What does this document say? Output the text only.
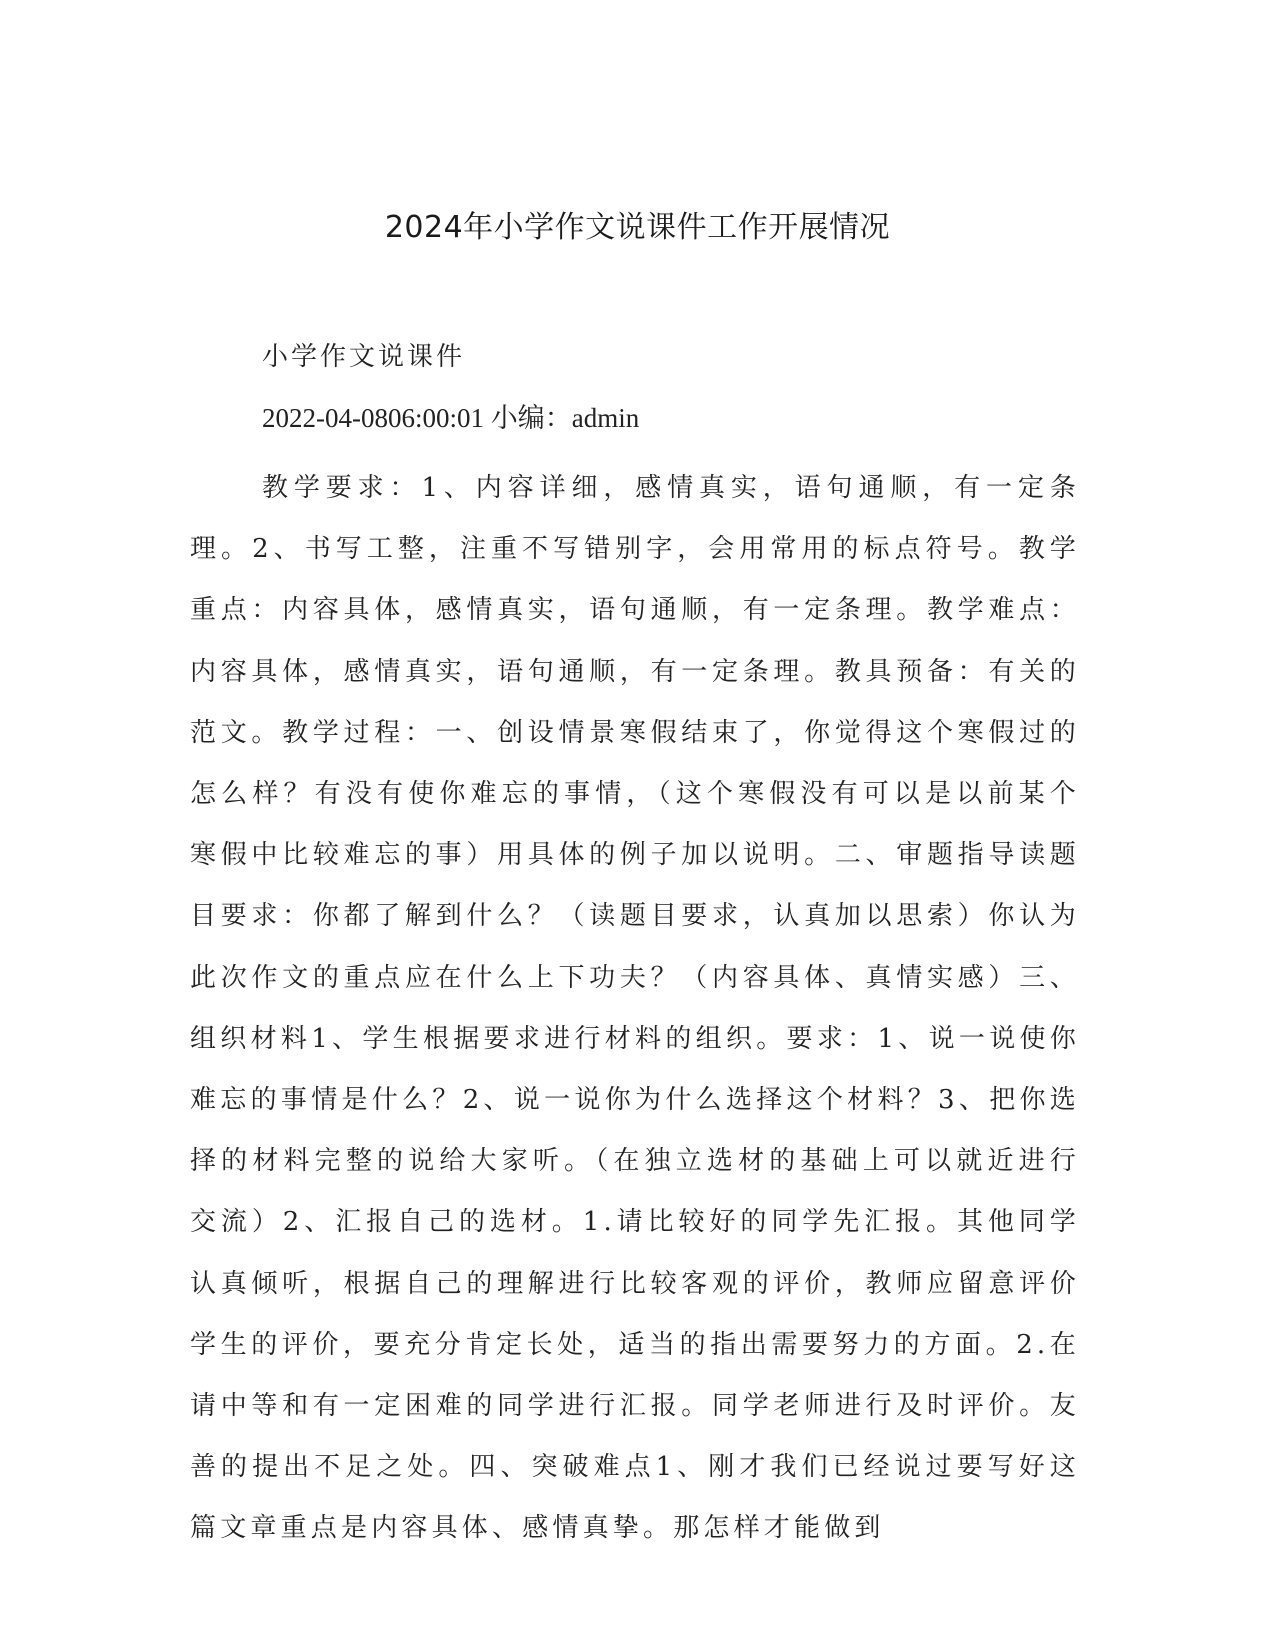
2024年小学作文说课件工作开展情况
小学作文说课件
2022-04-0806:00:01 小编：admin
教学要求：1、内容详细，感情真实，语句通顺，有一定条理。2、书写工整，注重不写错别字，会用常用的标点符号。教学重点：内容具体，感情真实，语句通顺，有一定条理。教学难点：内容具体，感情真实，语句通顺，有一定条理。教具预备：有关的范文。教学过程：一、创设情景寒假结束了，你觉得这个寒假过的怎么样？有没有使你难忘的事情，（这个寒假没有可以是以前某个寒假中比较难忘的事）用具体的例子加以说明。二、审题指导读题目要求：你都了解到什么？（读题目要求，认真加以思索）你认为此次作文的重点应在什么上下功夫？（内容具体、真情实感）三、组织材料1、学生根据要求进行材料的组织。要求：1、说一说使你难忘的事情是什么？2、说一说你为什么选择这个材料？3、把你选择的材料完整的说给大家听。（在独立选材的基础上可以就近进行交流）2、汇报自己的选材。1.请比较好的同学先汇报。其他同学认真倾听，根据自己的理解进行比较客观的评价，教师应留意评价学生的评价，要充分肯定长处，适当的指出需要努力的方面。2.在请中等和有一定困难的同学进行汇报。同学老师进行及时评价。友善的提出不足之处。四、突破难点1、刚才我们已经说过要写好这篇文章重点是内容具体、感情真挚。那怎样才能做到
